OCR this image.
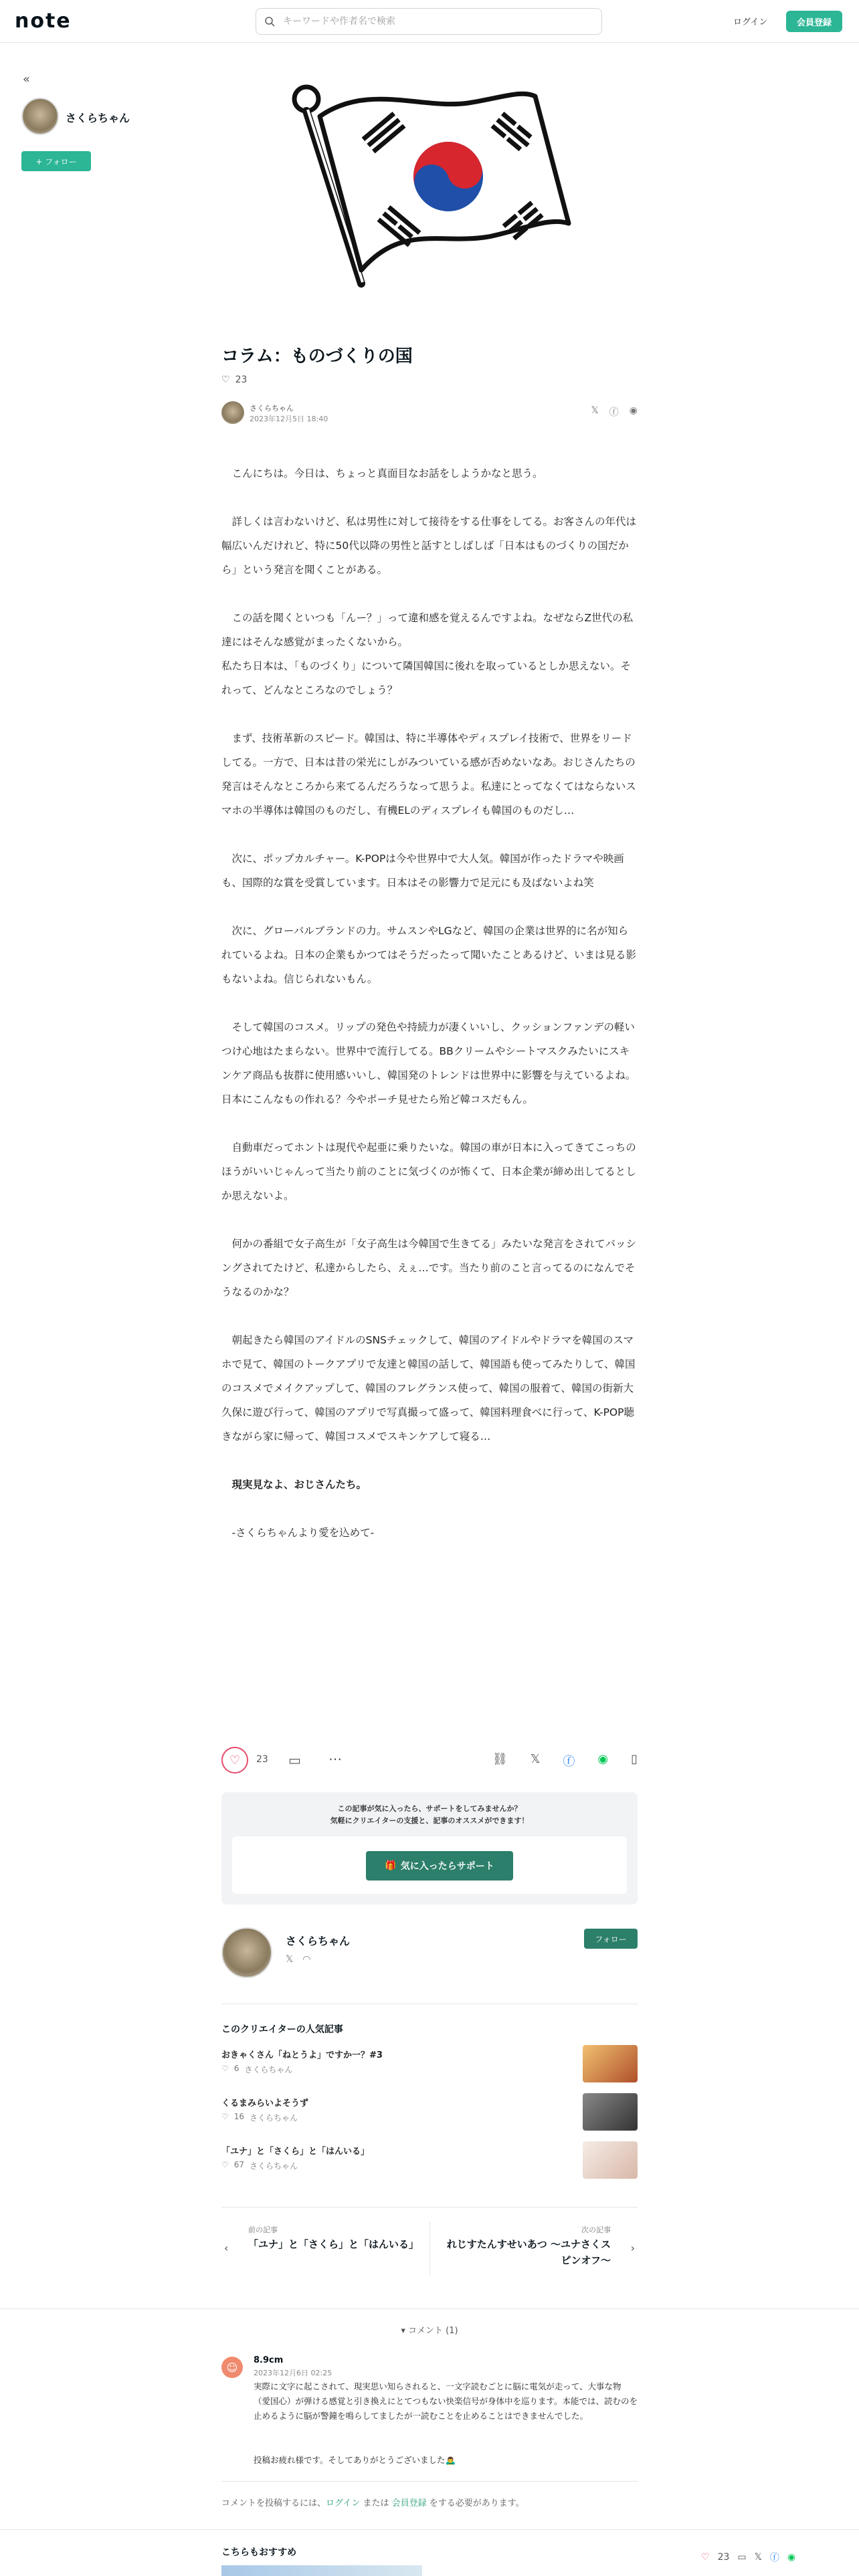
note
キーワードや作者名で検索	ログイン	会員登録
«
さくらちゃん
+ フォロー
コラム：ものづくりの国
♡ 23
さくらちゃん
2023年12月5日 18:40
𝕏 ⓕ ◉

こんにちは。今日は、ちょっと真面目なお話をしようかなと思う。

詳しくは言わないけど、私は男性に対して接待をする仕事をしてる。お客さんの年代は幅広いんだけれど、特に50代以降の男性と話すとしばしば「日本はものづくりの国だから」という発言を聞くことがある。

この話を聞くといつも「んー？」って違和感を覚えるんですよね。なぜならZ世代の私達にはそんな感覚がまったくないから。
私たち日本は、「ものづくり」について隣国韓国に後れを取っているとしか思えない。それって、どんなところなのでしょう？

まず、技術革新のスピード。韓国は、特に半導体やディスプレイ技術で、世界をリードしてる。一方で、日本は昔の栄光にしがみついている感が否めないなあ。おじさんたちの発言はそんなところから来てるんだろうなって思うよ。私達にとってなくてはならないスマホの半導体は韓国のものだし、有機ELのディスプレイも韓国のものだし…

次に、ポップカルチャー。K-POPは今や世界中で大人気。韓国が作ったドラマや映画も、国際的な賞を受賞しています。日本はその影響力で足元にも及ばないよね笑

次に、グローバルブランドの力。サムスンやLGなど、韓国の企業は世界的に名が知られているよね。日本の企業もかつてはそうだったって聞いたことあるけど、いまは見る影もないよね。信じられないもん。

そして韓国のコスメ。リップの発色や持続力が凄くいいし、クッションファンデの軽いつけ心地はたまらない。世界中で流行してる。BBクリームやシートマスクみたいにスキンケア商品も抜群に使用感いいし、韓国発のトレンドは世界中に影響を与えているよね。日本にこんなもの作れる？今やポーチ見せたら殆ど韓コスだもん。

自動車だってホントは現代や起亜に乗りたいな。韓国の車が日本に入ってきてこっちのほうがいいじゃんって当たり前のことに気づくのが怖くて、日本企業が締め出してるとしか思えないよ。

何かの番組で女子高生が「女子高生は今韓国で生きてる」みたいな発言をされてバッシングされてたけど、私達からしたら、えぇ…です。当たり前のこと言ってるのになんでそうなるのかな？

朝起きたら韓国のアイドルのSNSチェックして、韓国のアイドルやドラマを韓国のスマホで見て、韓国のトークアプリで友達と韓国の話して、韓国語も使ってみたりして、韓国のコスメでメイクアップして、韓国のフレグランス使って、韓国の服着て、韓国の街新大久保に遊び行って、韓国のアプリで写真撮って盛って、韓国料理食べに行って、K-POP聴きながら家に帰って、韓国コスメでスキンケアして寝る…

現実見なよ、おじさんたち。

-さくらちゃんより愛を込めて-

♡ 23 ▭ ⋯	⛓ 𝕏 ⓕ ◉ ▯
この記事が気に入ったら、サポートをしてみませんか？
気軽にクリエイターの支援と、記事のオススメができます！
🎁 気に入ったらサポート
さくらちゃん
𝕏 ◠
フォロー
このクリエイターの人気記事
おきゃくさん「ねとうよ」ですか一？#3
♡ 6 さくらちゃん
くるまみらいよそうず
♡ 16 さくらちゃん
「ユナ」と「さくら」と「はんいる」
♡ 67 さくらちゃん
‹
前の記事
「ユナ」と「さくら」と「はんいる」
次の記事
れじすたんすせいあつ 〜ユナさくスピンオフ〜
›
▾ コメント (1)
☺
8.9cm
2023年12月6日 02:25
実際に文字に起こされて、現実思い知らされると、一文字読むごとに脳に電気が走って、大事な物（愛国心）が弾ける感覚と引き換えにとてつもない快楽信号が身体中を巡ります。本能では、読むのを止めるように脳が警鐘を鳴らしてましたが一読むことを止めることはできませんでした。
投稿お疲れ様です。そしてありがとうございました🙇‍♂️
コメントを投稿するには、ログイン または 会員登録 をする必要があります。
こちらもおすすめ	♡ 23 ▭ 𝕏 ⓕ ◉
